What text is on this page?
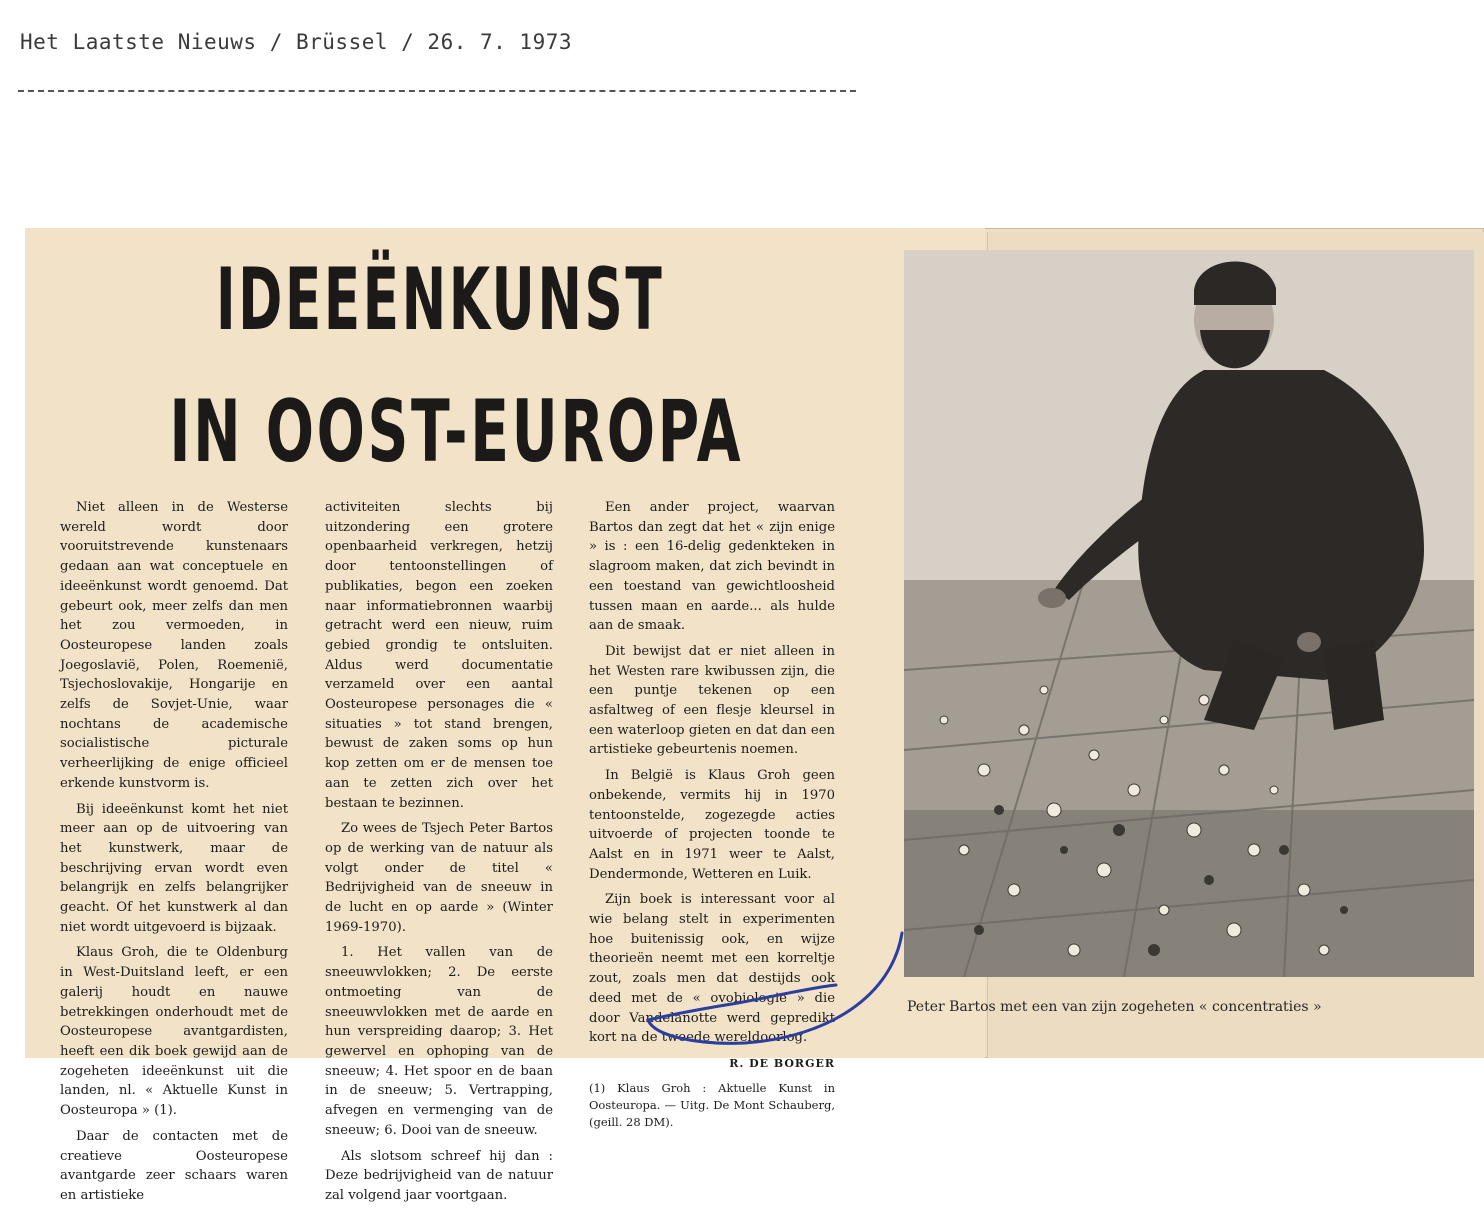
Het Laatste Nieuws / Brüssel / 26. 7. 1973
IDEEËNKUNST
IN OOST-EUROPA

Niet alleen in de Westerse wereld wordt door vooruitstrevende kunstenaars gedaan aan wat conceptuele en ideeënkunst wordt genoemd. Dat gebeurt ook, meer zelfs dan men het zou vermoeden, in Oosteuropese landen zoals Joegoslavië, Polen, Roemenië, Tsjechoslovakije, Hongarije en zelfs de Sovjet-Unie, waar nochtans de academische socialistische picturale verheerlijking de enige officieel erkende kunstvorm is.

Bij ideeënkunst komt het niet meer aan op de uitvoering van het kunstwerk, maar de beschrijving ervan wordt even belangrijk en zelfs belangrijker geacht. Of het kunstwerk al dan niet wordt uitgevoerd is bijzaak.

Klaus Groh, die te Oldenburg in West-Duitsland leeft, er een galerij houdt en nauwe betrekkingen onderhoudt met de Oosteuropese avantgardisten, heeft een dik boek gewijd aan de zogeheten ideeënkunst uit die landen, nl. « Aktuelle Kunst in Oosteuropa » (1).

Daar de contacten met de creatieve Oosteuropese avantgarde zeer schaars waren en artistieke

activiteiten slechts bij uitzondering een grotere openbaarheid verkregen, hetzij door tentoonstellingen of publikaties, begon een zoeken naar informatiebronnen waarbij getracht werd een nieuw, ruim gebied grondig te ontsluiten. Aldus werd documentatie verzameld over een aantal Oosteuropese personages die « situaties » tot stand brengen, bewust de zaken soms op hun kop zetten om er de mensen toe aan te zetten zich over het bestaan te bezinnen.

Zo wees de Tsjech Peter Bartos op de werking van de natuur als volgt onder de titel « Bedrijvigheid van de sneeuw in de lucht en op aarde » (Winter 1969-1970).

1. Het vallen van de sneeuwvlokken; 2. De eerste ontmoeting van de sneeuwvlokken met de aarde en hun verspreiding daarop; 3. Het gewervel en ophoping van de sneeuw; 4. Het spoor en de baan in de sneeuw; 5. Vertrapping, afvegen en vermenging van de sneeuw; 6. Dooi van de sneeuw.

Als slotsom schreef hij dan : Deze bedrijvigheid van de natuur zal volgend jaar voortgaan.

Een ander project, waarvan Bartos dan zegt dat het « zijn enige » is : een 16-delig gedenkteken in slagroom maken, dat zich bevindt in een toestand van gewichtloosheid tussen maan en aarde... als hulde aan de smaak.

Dit bewijst dat er niet alleen in het Westen rare kwibussen zijn, die een puntje tekenen op een asfaltweg of een flesje kleursel in een waterloop gieten en dat dan een artistieke gebeurtenis noemen.

In België is Klaus Groh geen onbekende, vermits hij in 1970 tentoonstelde, zogezegde acties uitvoerde of projecten toonde te Aalst en in 1971 weer te Aalst, Dendermonde, Wetteren en Luik.

Zijn boek is interessant voor al wie belang stelt in experimenten hoe buitenissig ook, en wijze theorieën neemt met een korreltje zout, zoals men dat destijds ook deed met de « ovobiologie » die door Vandelanotte werd gepredikt kort na de tweede wereldoorlog.

R. DE BORGER

(1) Klaus Groh : Aktuelle Kunst in Oosteuropa. — Uitg. De Mont Schauberg, (geill. 28 DM).

Peter Bartos met een van zijn zogeheten « concentraties »
